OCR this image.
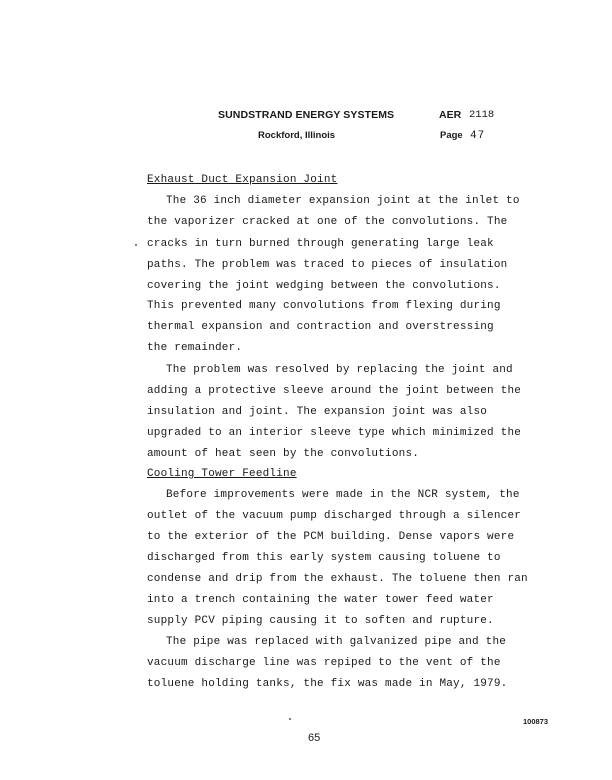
SUNDSTRAND ENERGY SYSTEMS
Rockford, Illinois
AER 2118
Page 47
Exhaust Duct Expansion Joint
The 36 inch diameter expansion joint at the inlet to
the vaporizer cracked at one of the convolutions. The
cracks in turn burned through generating large leak
paths. The problem was traced to pieces of insulation
covering the joint wedging between the convolutions.
This prevented many convolutions from flexing during
thermal expansion and contraction and overstressing
the remainder.
The problem was resolved by replacing the joint and
adding a protective sleeve around the joint between the
insulation and joint. The expansion joint was also
upgraded to an interior sleeve type which minimized the
amount of heat seen by the convolutions.
Cooling Tower Feedline
Before improvements were made in the NCR system, the
outlet of the vacuum pump discharged through a silencer
to the exterior of the PCM building. Dense vapors were
discharged from this early system causing toluene to
condense and drip from the exhaust. The toluene then ran
into a trench containing the water tower feed water
supply PCV piping causing it to soften and rupture.
The pipe was replaced with galvanized pipe and the
vacuum discharge line was repiped to the vent of the
toluene holding tanks, the fix was made in May, 1979.
65
100873
